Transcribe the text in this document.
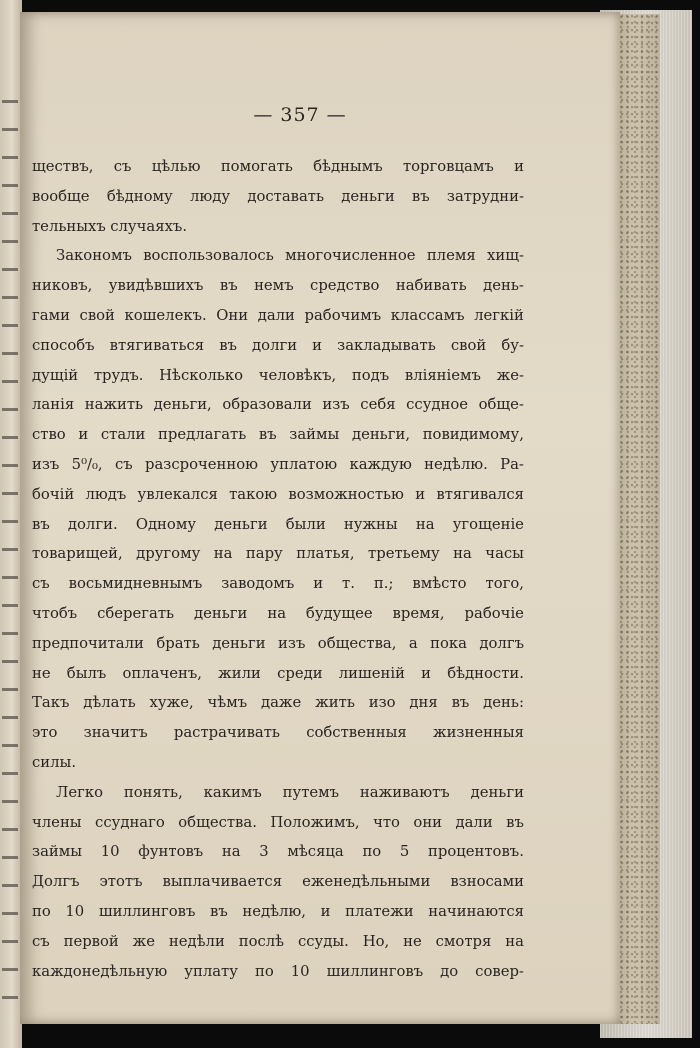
— 357 —
ществъ, съ цѣлью помогать бѣднымъ торговцамъ и
вообще бѣдному люду доставать деньги въ затрудни-
тельныхъ случаяхъ.
Закономъ воспользовалось многочисленное племя хищ-
никовъ, увидѣвшихъ въ немъ средство набивать день-
гами свой кошелекъ. Они дали рабочимъ классамъ легкій
способъ втягиваться въ долги и закладывать свой бу-
дущій трудъ. Нѣсколько человѣкъ, подъ вліяніемъ же-
ланія нажить деньги, образовали изъ себя ссудное обще-
ство и стали предлагать въ займы деньги, повидимому,
изъ 5⁰/₀, съ разсроченною уплатою каждую недѣлю. Ра-
бочій людъ увлекался такою возможностью и втягивался
въ долги. Одному деньги были нужны на угощеніе
товарищей, другому на пару платья, третьему на часы
съ восьмидневнымъ заводомъ и т. п.; вмѣсто того,
чтобъ сберегать деньги на будущее время, рабочіе
предпочитали брать деньги изъ общества, а пока долгъ
не былъ оплаченъ, жили среди лишеній и бѣдности.
Такъ дѣлать хуже, чѣмъ даже жить изо дня въ день:
это значитъ растрачивать собственныя жизненныя
силы.
Легко понять, какимъ путемъ наживаютъ деньги
члены ссуднаго общества. Положимъ, что они дали въ
займы 10 фунтовъ на 3 мѣсяца по 5 процентовъ.
Долгъ этотъ выплачивается еженедѣльными взносами
по 10 шиллинговъ въ недѣлю, и платежи начинаются
съ первой же недѣли послѣ ссуды. Но, не смотря на
каждонедѣльную уплату по 10 шиллинговъ до совер-
